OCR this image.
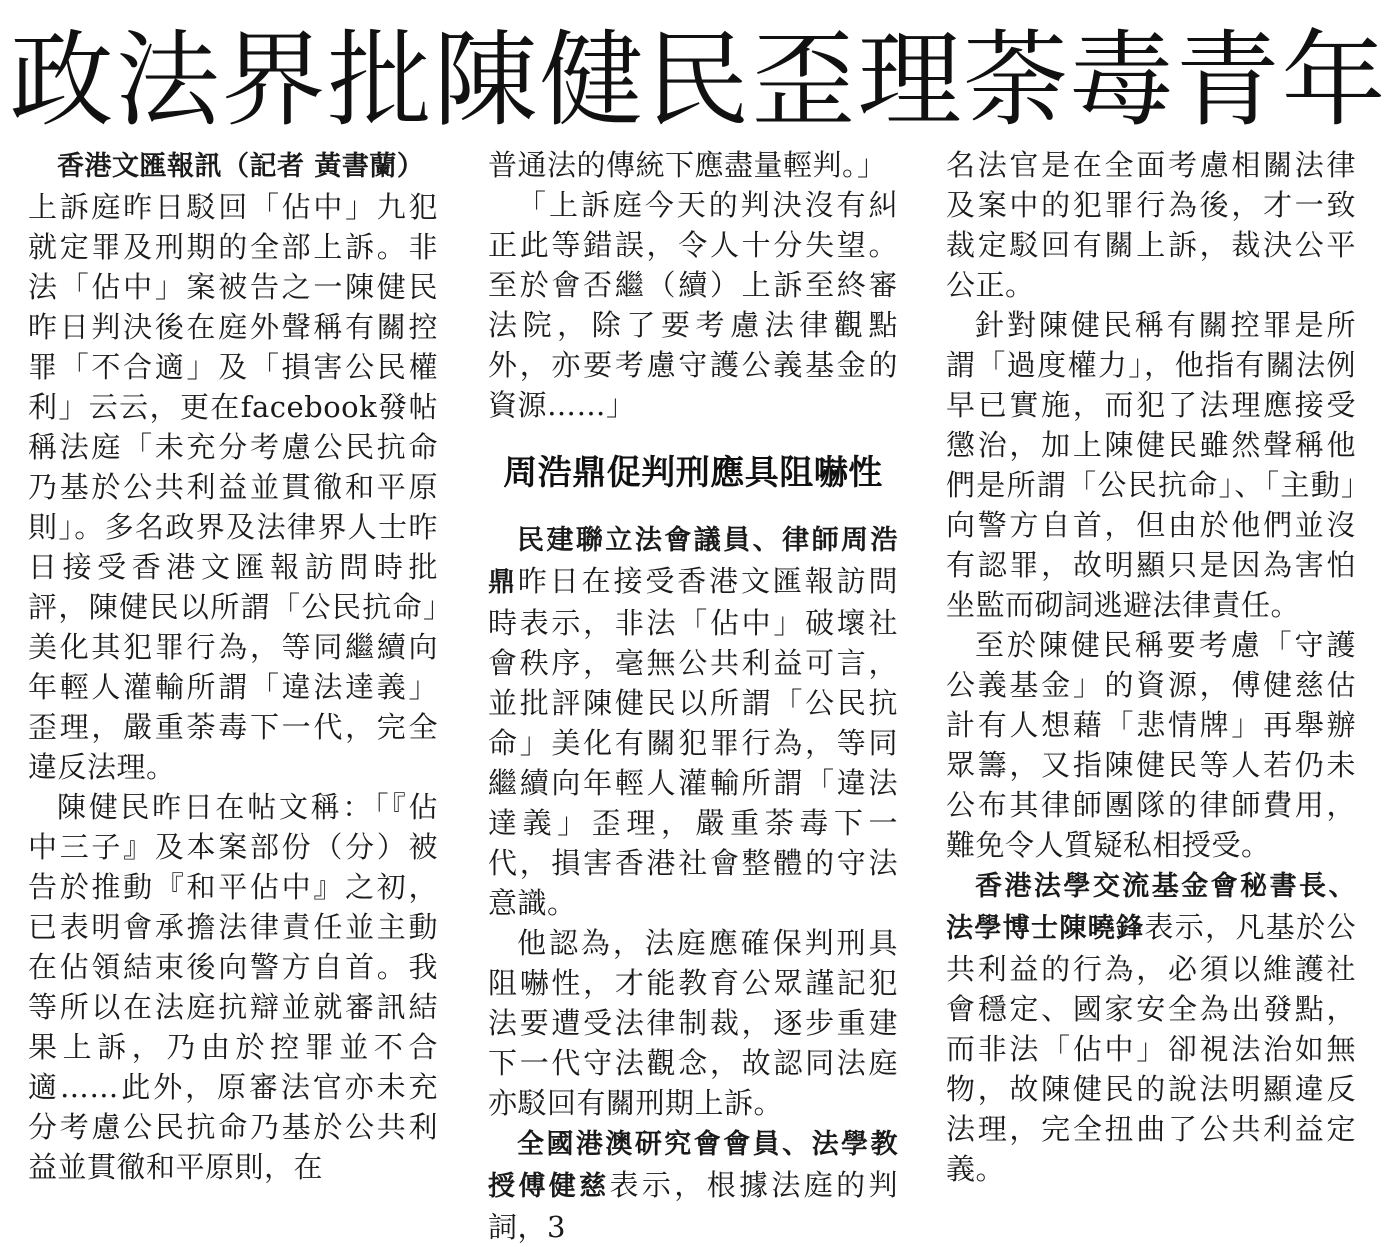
政法界批陳健民歪理荼毒青年

香港文匯報訊（記者 黃書蘭）

上訴庭昨日駁回「佔中」九犯就定罪及刑期的全部上訴。非法「佔中」案被告之一陳健民昨日判決後在庭外聲稱有關控罪「不合適」及「損害公民權利」云云，更在facebook發帖稱法庭「未充分考慮公民抗命乃基於公共利益並貫徹和平原則」。多名政界及法律界人士昨日接受香港文匯報訪問時批評，陳健民以所謂「公民抗命」美化其犯罪行為，等同繼續向年輕人灌輸所謂「違法達義」歪理，嚴重荼毒下一代，完全違反法理。

陳健民昨日在帖文稱：「『佔中三子』及本案部份（分）被告於推動『和平佔中』之初，已表明會承擔法律責任並主動在佔領結束後向警方自首。我等所以在法庭抗辯並就審訊結果上訴，乃由於控罪並不合適……此外，原審法官亦未充分考慮公民抗命乃基於公共利益並貫徹和平原則，在

普通法的傳統下應盡量輕判。」

「上訴庭今天的判決沒有糾正此等錯誤，令人十分失望。至於會否繼（續）上訴至終審法院，除了要考慮法律觀點外，亦要考慮守護公義基金的資源……」

周浩鼎促判刑應具阻嚇性

民建聯立法會議員、律師周浩鼎昨日在接受香港文匯報訪問時表示，非法「佔中」破壞社會秩序，毫無公共利益可言，並批評陳健民以所謂「公民抗命」美化有關犯罪行為，等同繼續向年輕人灌輸所謂「違法達義」歪理，嚴重荼毒下一代，損害香港社會整體的守法意識。

他認為，法庭應確保判刑具阻嚇性，才能教育公眾謹記犯法要遭受法律制裁，逐步重建下一代守法觀念，故認同法庭亦駁回有關刑期上訴。

全國港澳研究會會員、法學教授傅健慈表示，根據法庭的判詞，3

名法官是在全面考慮相關法律及案中的犯罪行為後，才一致裁定駁回有關上訴，裁決公平公正。

針對陳健民稱有關控罪是所謂「過度權力」，他指有關法例早已實施，而犯了法理應接受懲治，加上陳健民雖然聲稱他們是所謂「公民抗命」、「主動」向警方自首，但由於他們並沒有認罪，故明顯只是因為害怕坐監而砌詞逃避法律責任。

至於陳健民稱要考慮「守護公義基金」的資源，傅健慈估計有人想藉「悲情牌」再舉辦眾籌，又指陳健民等人若仍未公布其律師團隊的律師費用，難免令人質疑私相授受。

香港法學交流基金會秘書長、法學博士陳曉鋒表示，凡基於公共利益的行為，必須以維護社會穩定、國家安全為出發點，而非法「佔中」卻視法治如無物，故陳健民的說法明顯違反法理，完全扭曲了公共利益定義。
